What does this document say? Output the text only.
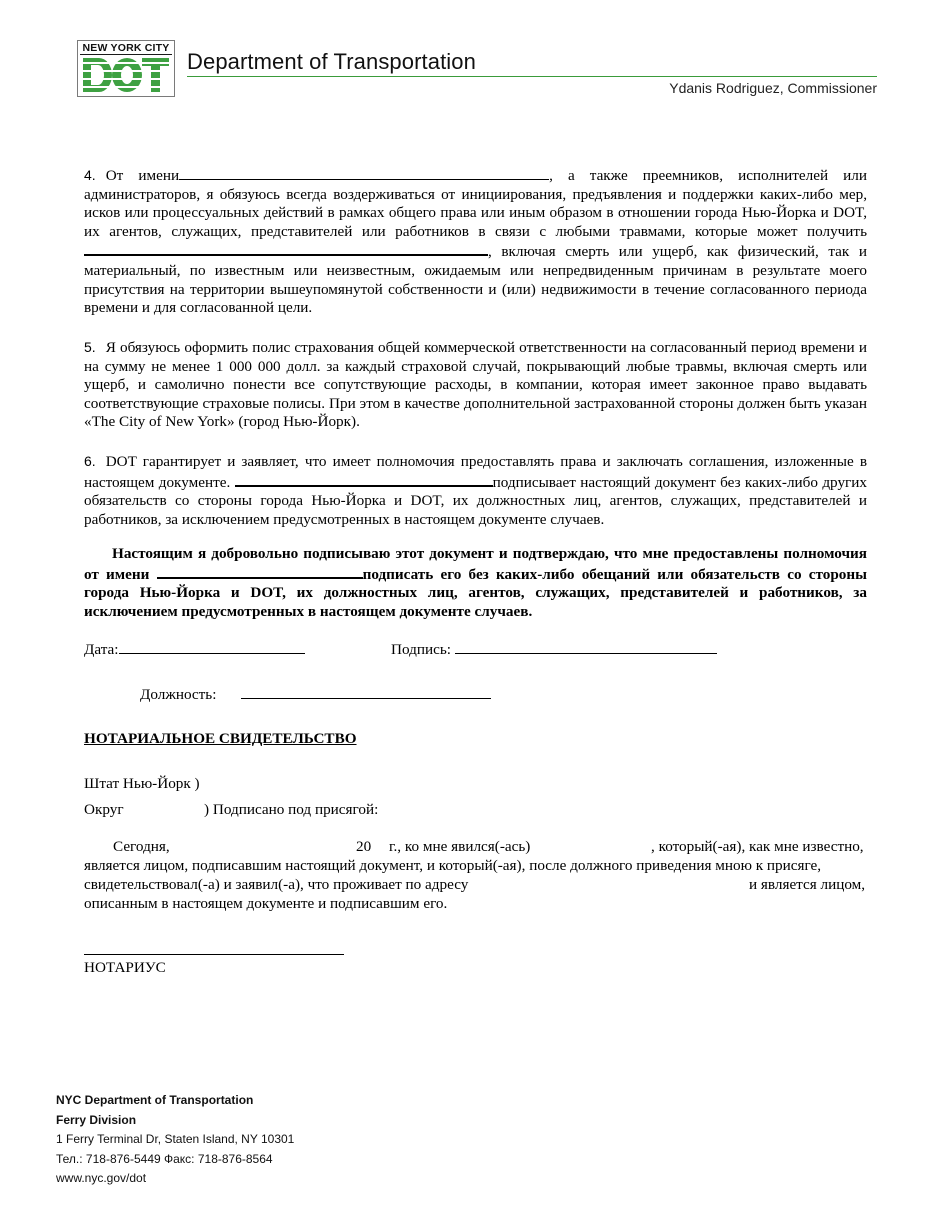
NEW YORK CITY
Department of Transportation
Ydanis Rodriguez, Commissioner
4. От имени	, а также преемников, исполнителей или администраторов, я обязуюсь всегда воздерживаться от инициирования, предъявления и поддержки каких-либо мер, исков или процессуальных действий в рамках общего права или иным образом в отношении города Нью-Йорка и DOT, их агентов, служащих, представителей или работников в связи с любыми травмами, которые может получить, включая смерть или ущерб, как физический, так и материальный, по известным или неизвестным, ожидаемым или непредвиденным причинам в результате моего присутствия на территории вышеупомянутой собственности и (или) недвижимости в течение согласованного периода времени и для согласованной цели.
5. Я обязуюсь оформить полис страхования общей коммерческой ответственности на согласованный период времени и на сумму не менее 1 000 000 долл. за каждый страховой случай, покрывающий любые травмы, включая смерть или ущерб, и самолично понести все сопутствующие расходы, в компании, которая имеет законное право выдавать соответствующие страховые полисы. При этом в качестве дополнительной застрахованной стороны должен быть указан «The City of New York» (город Нью-Йорк).
6. DOT гарантирует и заявляет, что имеет полномочия предоставлять права и заключать соглашения, изложенные в настоящем документе.	подписывает настоящий документ без каких-либо других обязательств со стороны города Нью-Йорка и DOT, их должностных лиц, агентов, служащих, представителей и работников, за исключением предусмотренных в настоящем документе случаев.
Настоящим я добровольно подписываю этот документ и подтверждаю, что мне предоставлены полномочия от имени	подписать его без каких-либо обещаний или обязательств со стороны города Нью-Йорка и DOT, их должностных лиц, агентов, служащих, представителей и работников, за исключением предусмотренных в настоящем документе случаев.
Дата:	Подпись:
Должность:
НОТАРИАЛЬНОЕ СВИДЕТЕЛЬСТВО
Штат Нью-Йорк )
Округ	) Подписано под присягой:
Сегодня,	20 г., ко мне явился(-ась)	, который(-ая), как мне известно,
является лицом, подписавшим настоящий документ, и который(-ая), после должного приведения мною к присяге,
свидетельствовал(-а) и заявил(-а), что проживает по адресу	и является лицом,
описанным в настоящем документе и подписавшим его.
НОТАРИУС
NYC Department of Transportation
Ferry Division
1 Ferry Terminal Dr, Staten Island, NY 10301
Тел.: 718-876-5449 Факс: 718-876-8564
www.nyc.gov/dot
